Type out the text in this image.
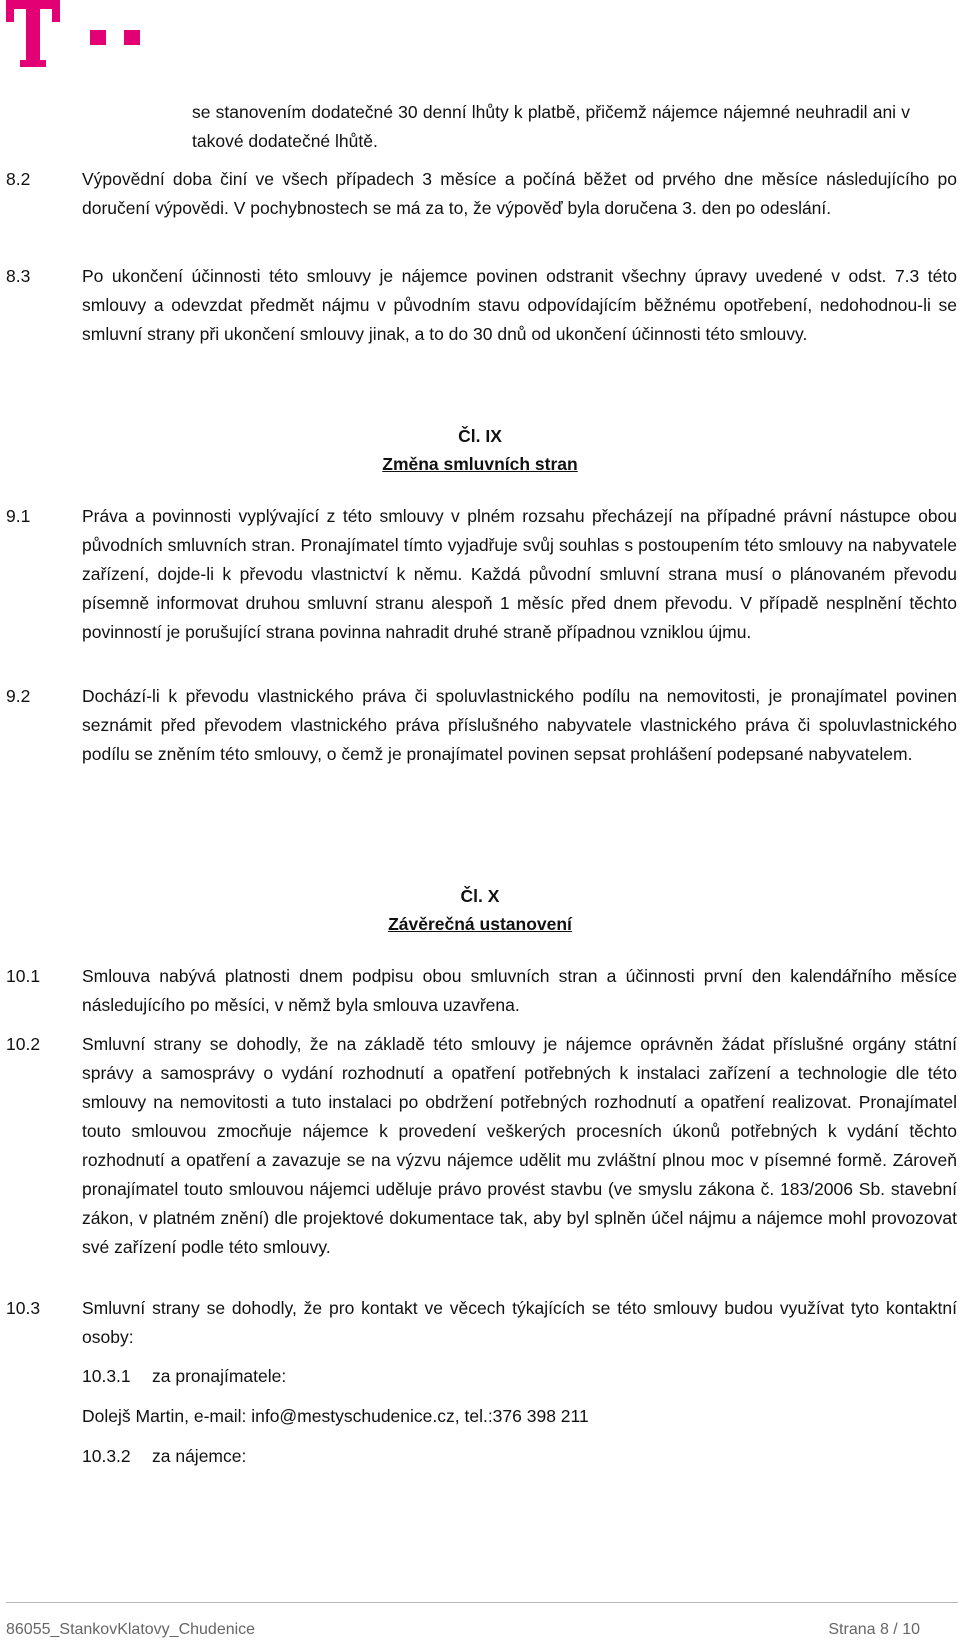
se stanovením dodatečné 30 denní lhůty k platbě, přičemž nájemce nájemné neuhradil ani v takové dodatečné lhůtě.
8.2	Výpovědní doba činí ve všech případech 3 měsíce a počíná běžet od prvého dne měsíce následujícího po doručení výpovědi. V pochybnostech se má za to, že výpověď byla doručena 3. den po odeslání.
8.3	Po ukončení účinnosti této smlouvy je nájemce povinen odstranit všechny úpravy uvedené v odst. 7.3 této smlouvy a odevzdat předmět nájmu v původním stavu odpovídajícím běžnému opotřebení, nedohodnou-li se smluvní strany při ukončení smlouvy jinak, a to do 30 dnů od ukončení účinnosti této smlouvy.
Čl. IX
Změna smluvních stran
9.1	Práva a povinnosti vyplývající z této smlouvy v plném rozsahu přecházejí na případné právní nástupce obou původních smluvních stran. Pronajímatel tímto vyjadřuje svůj souhlas s postoupením této smlouvy na nabyvatele zařízení, dojde-li k převodu vlastnictví k němu. Každá původní smluvní strana musí o plánovaném převodu písemně informovat druhou smluvní stranu alespoň 1 měsíc před dnem převodu. V případě nesplnění těchto povinností je porušující strana povinna nahradit druhé straně případnou vzniklou újmu.
9.2	Dochází-li k převodu vlastnického práva či spoluvlastnického podílu na nemovitosti, je pronajímatel povinen seznámit před převodem vlastnického práva příslušného nabyvatele vlastnického práva či spoluvlastnického podílu se zněním této smlouvy, o čemž je pronajímatel povinen sepsat prohlášení podepsané nabyvatelem.
Čl. X
Závěrečná ustanovení
10.1 Smlouva nabývá platnosti dnem podpisu obou smluvních stran a účinnosti první den kalendářního měsíce následujícího po měsíci, v němž byla smlouva uzavřena.
10.2 Smluvní strany se dohodly, že na základě této smlouvy je nájemce oprávněn žádat příslušné orgány státní správy a samosprávy o vydání rozhodnutí a opatření potřebných k instalaci zařízení a technologie dle této smlouvy na nemovitosti a tuto instalaci po obdržení potřebných rozhodnutí a opatření realizovat. Pronajímatel touto smlouvou zmocňuje nájemce k provedení veškerých procesních úkonů potřebných k vydání těchto rozhodnutí a opatření a zavazuje se na výzvu nájemce udělit mu zvláštní plnou moc v písemné formě. Zároveň pronajímatel touto smlouvou nájemci uděluje právo provést stavbu (ve smyslu zákona č. 183/2006 Sb. stavební zákon, v platném znění) dle projektové dokumentace tak, aby byl splněn účel nájmu a nájemce mohl provozovat své zařízení podle této smlouvy.
10.3 Smluvní strany se dohodly, že pro kontakt ve věcech týkajících se této smlouvy budou využívat tyto kontaktní osoby:
10.3.1 za pronajímatele:
Dolejš Martin, e-mail: info@mestyschudenice.cz, tel.:376 398 211
10.3.2 za nájemce:
86055_StankovKlatovy_Chudenice	Strana 8 / 10
